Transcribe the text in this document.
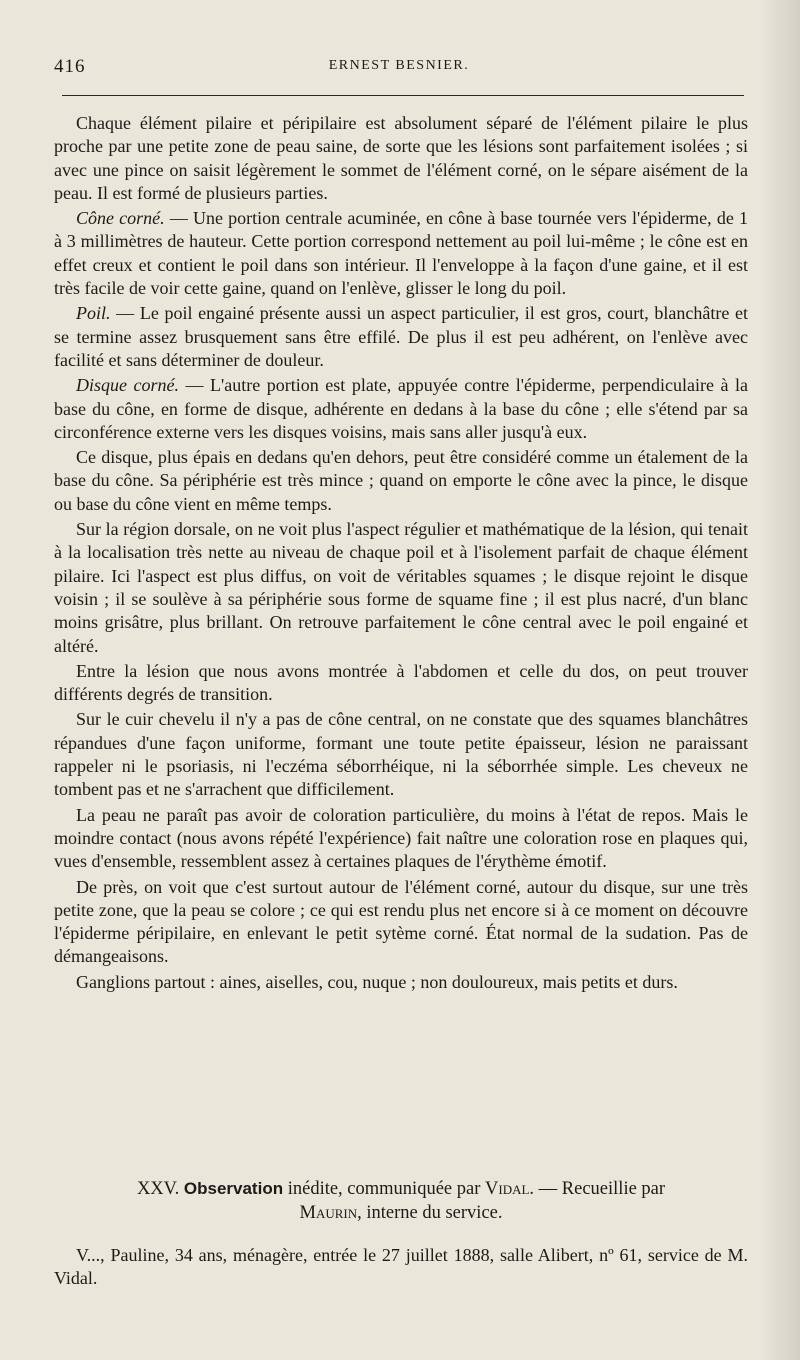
416	ERNEST BESNIER.

Chaque élément pilaire et péripilaire est absolument séparé de l'élément pilaire le plus proche par une petite zone de peau saine, de sorte que les lésions sont parfaitement isolées ; si avec une pince on saisit légèrement le sommet de l'élément corné, on le sépare aisément de la peau. Il est formé de plusieurs parties.

Cône corné. — Une portion centrale acuminée, en cône à base tournée vers l'épiderme, de 1 à 3 millimètres de hauteur. Cette portion correspond nettement au poil lui-même ; le cône est en effet creux et contient le poil dans son intérieur. Il l'enveloppe à la façon d'une gaine, et il est très facile de voir cette gaine, quand on l'enlève, glisser le long du poil.

Poil. — Le poil engainé présente aussi un aspect particulier, il est gros, court, blanchâtre et se termine assez brusquement sans être effilé. De plus il est peu adhérent, on l'enlève avec facilité et sans déterminer de douleur.

Disque corné. — L'autre portion est plate, appuyée contre l'épiderme, perpendiculaire à la base du cône, en forme de disque, adhérente en dedans à la base du cône ; elle s'étend par sa circonférence externe vers les disques voisins, mais sans aller jusqu'à eux.

Ce disque, plus épais en dedans qu'en dehors, peut être considéré comme un étalement de la base du cône. Sa périphérie est très mince ; quand on emporte le cône avec la pince, le disque ou base du cône vient en même temps.

Sur la région dorsale, on ne voit plus l'aspect régulier et mathématique de la lésion, qui tenait à la localisation très nette au niveau de chaque poil et à l'isolement parfait de chaque élément pilaire. Ici l'aspect est plus diffus, on voit de véritables squames ; le disque rejoint le disque voisin ; il se soulève à sa périphérie sous forme de squame fine ; il est plus nacré, d'un blanc moins grisâtre, plus brillant. On retrouve parfaitement le cône central avec le poil engainé et altéré.

Entre la lésion que nous avons montrée à l'abdomen et celle du dos, on peut trouver différents degrés de transition.

Sur le cuir chevelu il n'y a pas de cône central, on ne constate que des squames blanchâtres répandues d'une façon uniforme, formant une toute petite épaisseur, lésion ne paraissant rappeler ni le psoriasis, ni l'eczéma séborrhéique, ni la séborrhée simple. Les cheveux ne tombent pas et ne s'arrachent que difficilement.

La peau ne paraît pas avoir de coloration particulière, du moins à l'état de repos. Mais le moindre contact (nous avons répété l'expérience) fait naître une coloration rose en plaques qui, vues d'ensemble, ressemblent assez à certaines plaques de l'érythème émotif.

De près, on voit que c'est surtout autour de l'élément corné, autour du disque, sur une très petite zone, que la peau se colore ; ce qui est rendu plus net encore si à ce moment on découvre l'épiderme péripilaire, en enlevant le petit sytème corné. État normal de la sudation. Pas de démangeaisons.

Ganglions partout : aines, aiselles, cou, nuque ; non douloureux, mais petits et durs.

XXV. Observation inédite, communiquée par Vidal. — Recueillie par
Maurin, interne du service.

V..., Pauline, 34 ans, ménagère, entrée le 27 juillet 1888, salle Alibert, nº 61, service de M. Vidal.
